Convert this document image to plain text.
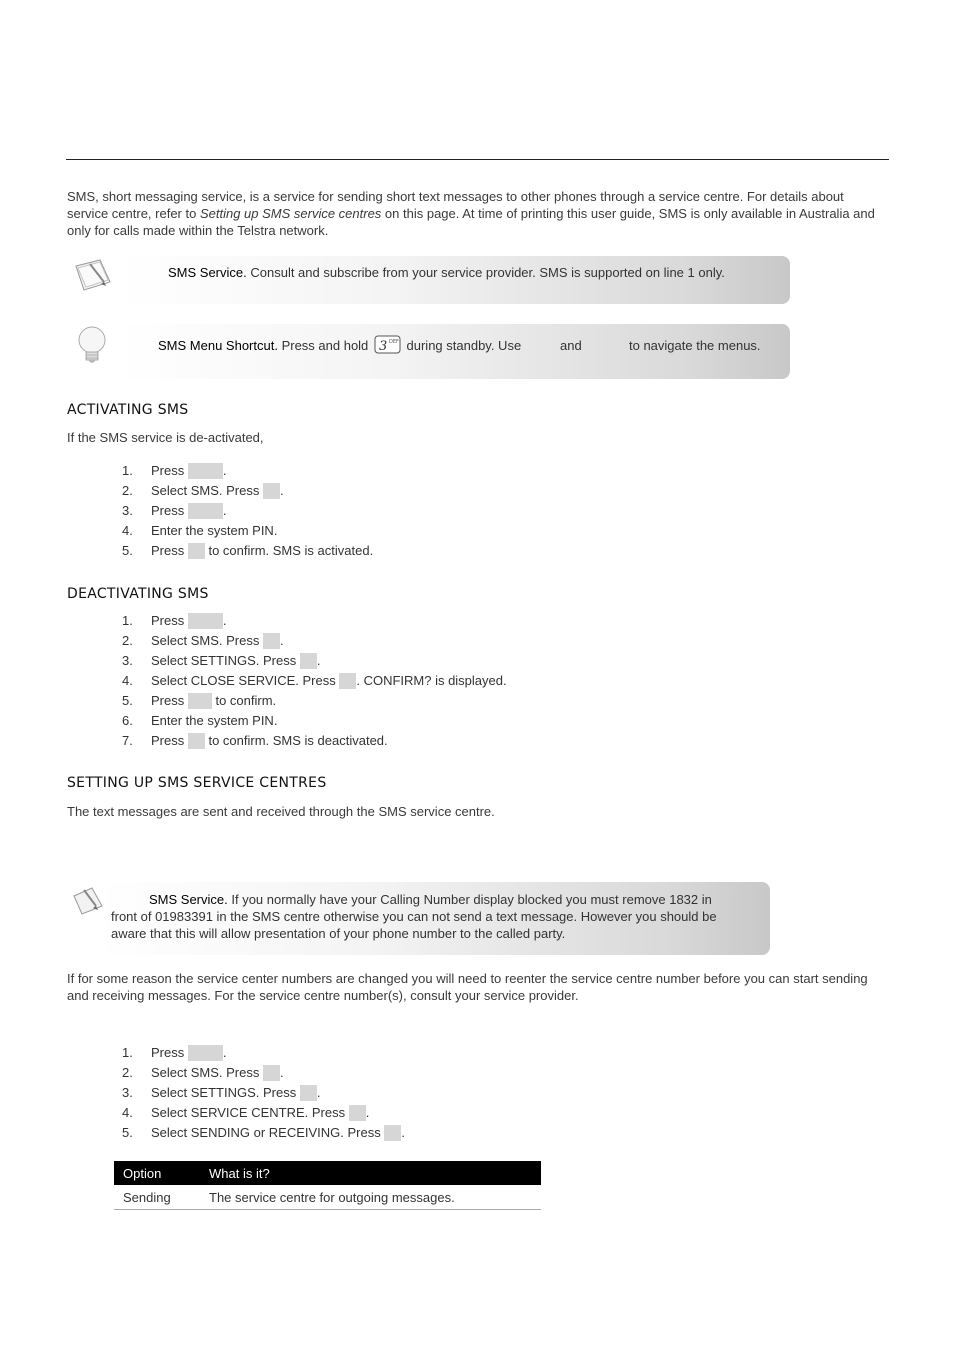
SMS, short messaging service, is a service for sending short text messages to other phones through a service centre. For details about service centre, refer to Setting up SMS service centres on this page. At time of printing this user guide, SMS is only available in Australia and only for calls made within the Telstra network.
SMS Service. Consult and subscribe from your service provider. SMS is supported on line 1 only.
SMS Menu Shortcut. Press and hold 3 DEF during standby. Use	and	to navigate the menus.
ACTIVATING SMS
If the SMS service is de-activated,
1. Press	.
2. Select SMS. Press .
3. Press	.
4. Enter the system PIN.
5. Press  to confirm. SMS is activated.
DEACTIVATING SMS
1. Press	.
2. Select SMS. Press .
3. Select SETTINGS. Press .
4. Select CLOSE SERVICE. Press . CONFIRM? is displayed.
5. Press  to confirm.
6. Enter the system PIN.
7. Press  to confirm. SMS is deactivated.
SETTING UP SMS SERVICE CENTRES
The text messages are sent and received through the SMS service centre.
SMS Service. If you normally have your Calling Number display blocked you must remove 1832 in
front of 01983391 in the SMS centre otherwise you can not send a text message. However you should be
aware that this will allow presentation of your phone number to the called party.
If for some reason the service center numbers are changed you will need to reenter the service centre number before you can start sending and receiving messages. For the service centre number(s), consult your service provider.
1. Press	.
2. Select SMS. Press .
3. Select SETTINGS. Press .
4. Select SERVICE CENTRE. Press .
5. Select SENDING or RECEIVING. Press .
Option	What is it?
Sending	The service centre for outgoing messages.
